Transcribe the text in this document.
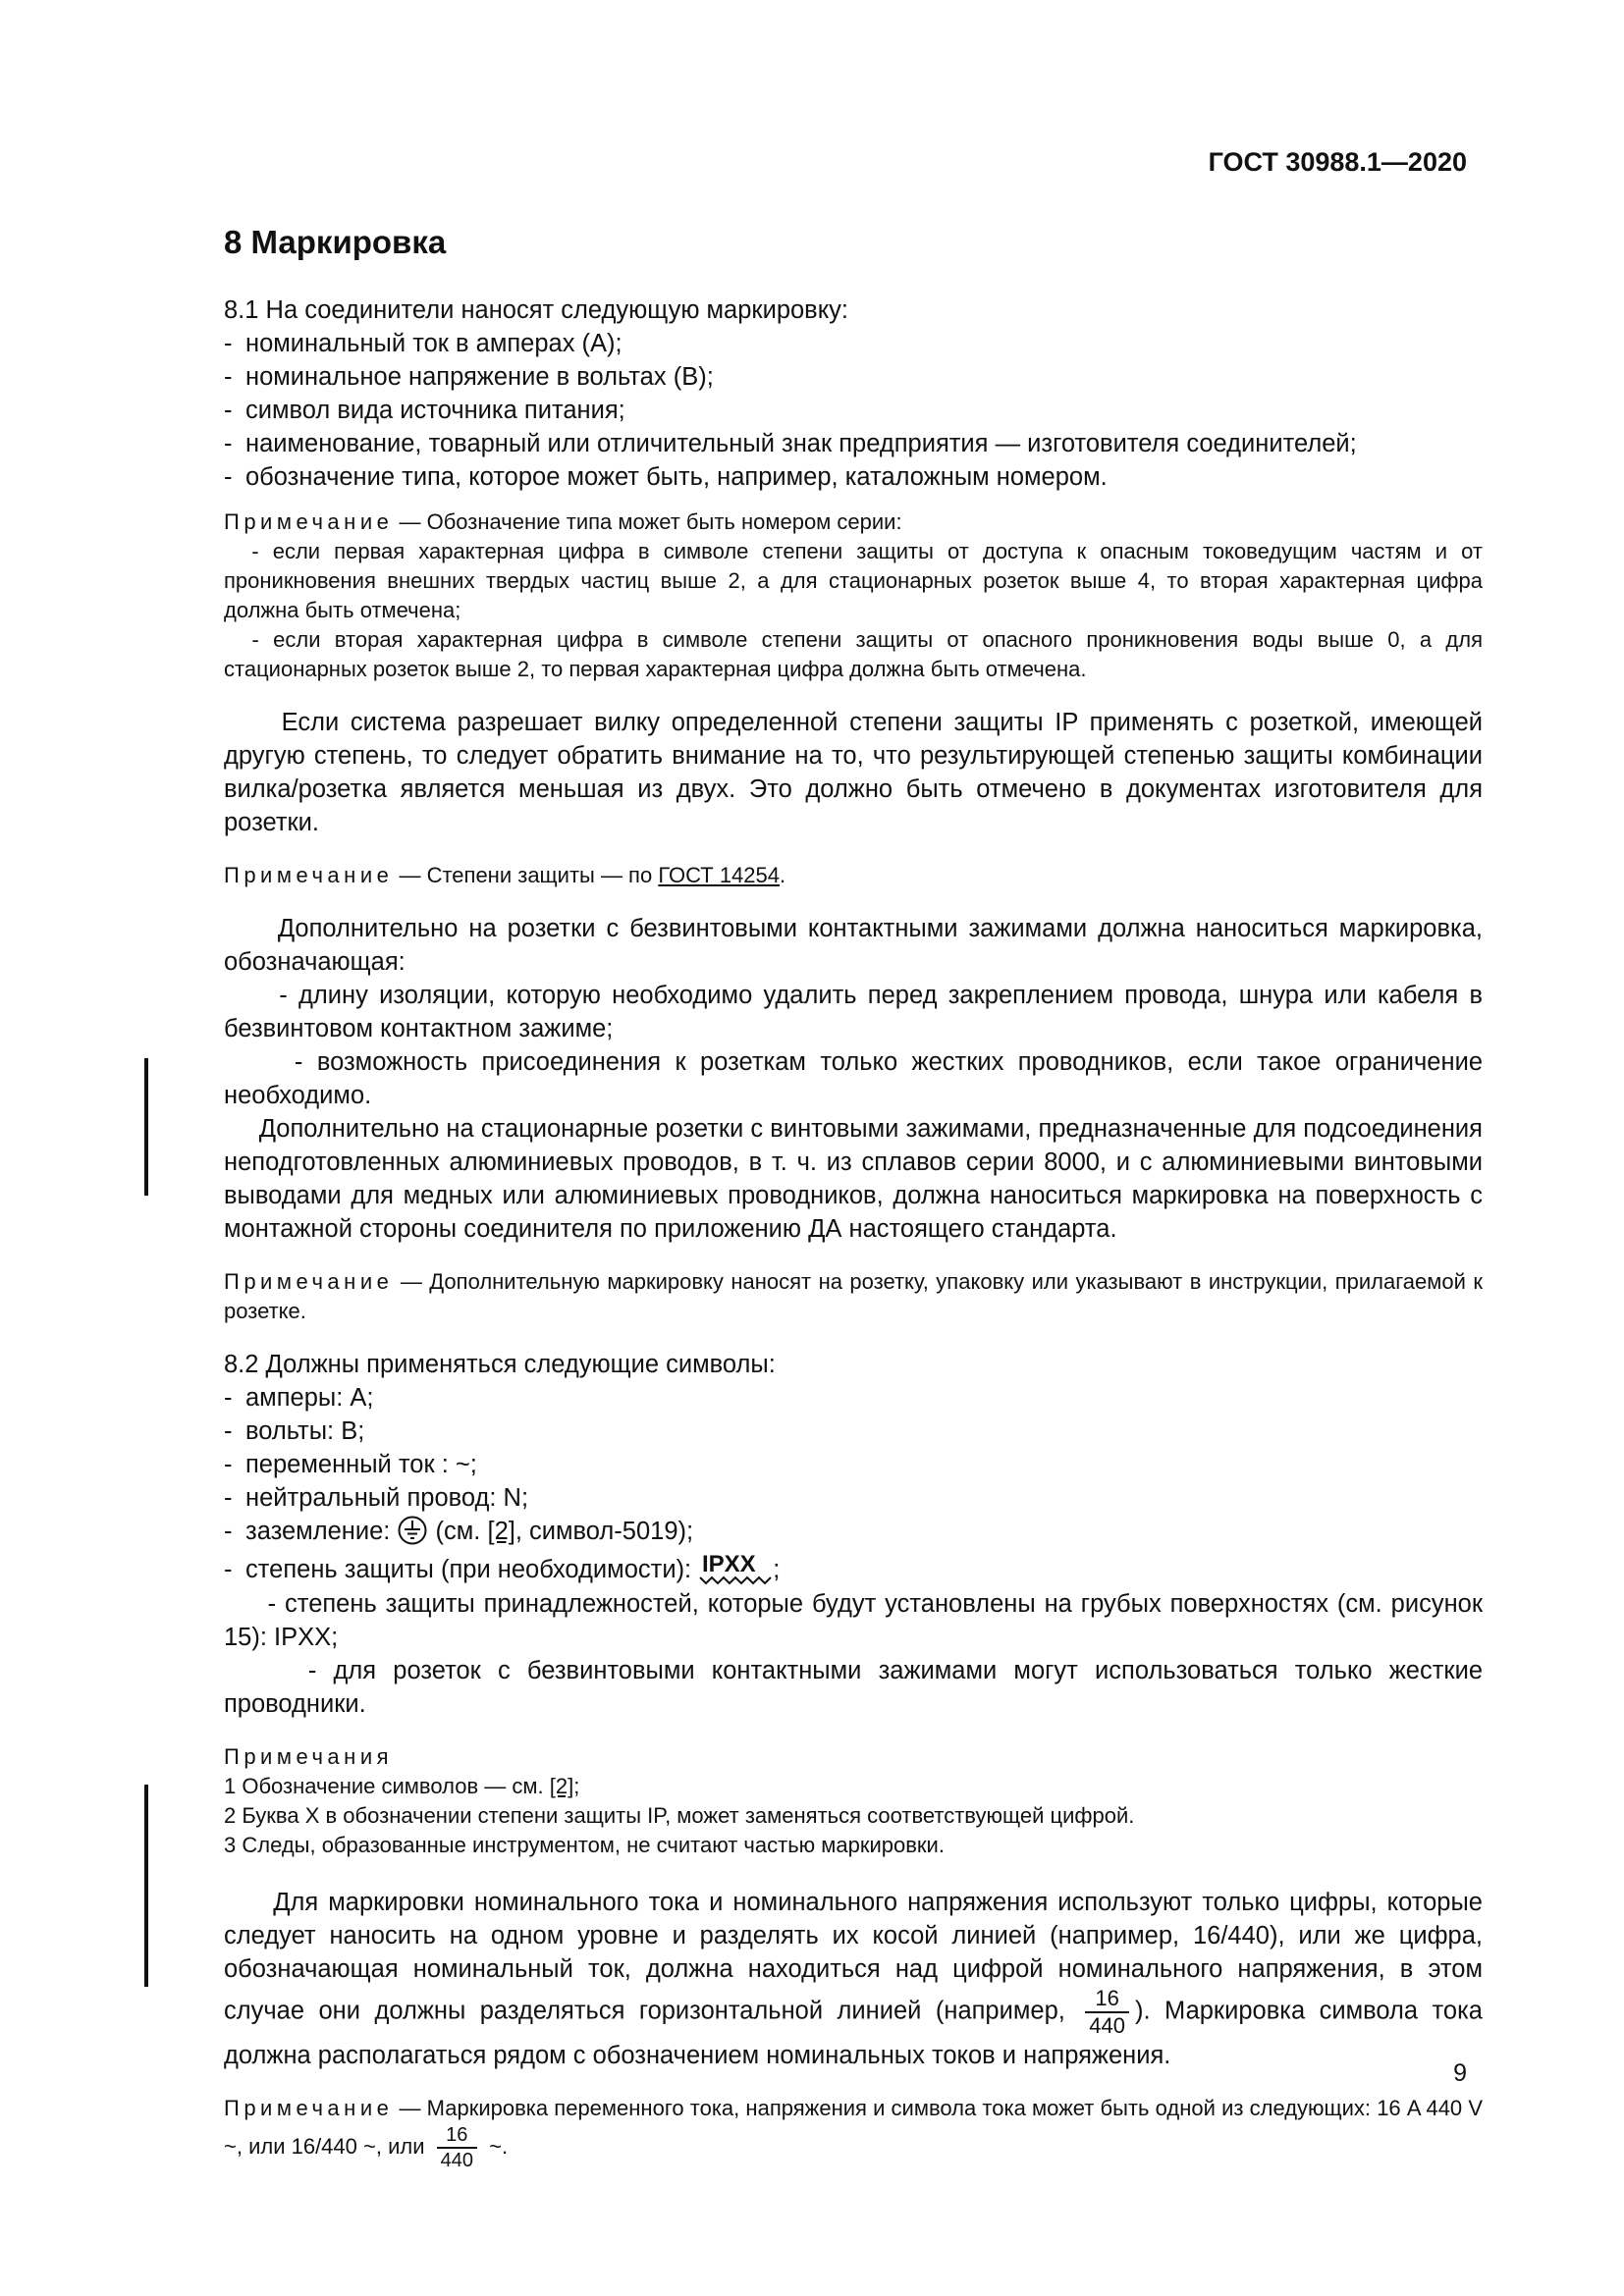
ГОСТ 30988.1—2020
8 Маркировка

8.1 На соединители наносят следующую маркировку:

- номинальный ток в амперах (А);

- номинальное напряжение в вольтах (В);

- символ вида источника питания;

- наименование, товарный или отличительный знак предприятия — изготовителя соединителей;

- обозначение типа, которое может быть, например, каталожным номером.

Примечание — Обозначение типа может быть номером серии:

- если первая характерная цифра в символе степени защиты от доступа к опасным токоведущим частям и от проникновения внешних твердых частиц выше 2, а для стационарных розеток выше 4, то вторая характерная цифра должна быть отмечена;

- если вторая характерная цифра в символе степени защиты от опасного проникновения воды выше 0, а для стационарных розеток выше 2, то первая характерная цифра должна быть отмечена.

Если система разрешает вилку определенной степени защиты IP применять с розеткой, имеющей другую степень, то следует обратить внимание на то, что результирующей степенью защиты комбинации вилка/розетка является меньшая из двух. Это должно быть отмечено в документах изготовителя для розетки.

Примечание — Степени защиты — по ГОСТ 14254.

Дополнительно на розетки с безвинтовыми контактными зажимами должна наноситься маркировка, обозначающая:

- длину изоляции, которую необходимо удалить перед закреплением провода, шнура или кабеля в безвинтовом контактном зажиме;

- возможность присоединения к розеткам только жестких проводников, если такое ограничение необходимо.

Дополнительно на стационарные розетки с винтовыми зажимами, предназначенные для подсоединения неподготовленных алюминиевых проводов, в т. ч. из сплавов серии 8000, и с алюминиевыми винтовыми выводами для медных или алюминиевых проводников, должна наноситься маркировка на поверхность с монтажной стороны соединителя по приложению ДА настоящего стандарта.

Примечание — Дополнительную маркировку наносят на розетку, упаковку или указывают в инструкции, прилагаемой к розетке.

8.2 Должны применяться следующие символы:

- амперы: А;

- вольты: В;

- переменный ток : ~;

- нейтральный провод: N;

- заземление:  (см. [2], символ-5019);

- степень защиты (при необходимости): IPXX ;

- степень защиты принадлежностей, которые будут установлены на грубых поверхностях (см. рисунок 15): IPXX;

- для розеток с безвинтовыми контактными зажимами могут использоваться только жесткие проводники.

Примечания

1 Обозначение символов — см. [2];

2 Буква X в обозначении степени защиты IP, может заменяться соответствующей цифрой.

3 Следы, образованные инструментом, не считают частью маркировки.

Для маркировки номинального тока и номинального напряжения используют только цифры, которые следует наносить на одном уровне и разделять их косой линией (например, 16/440), или же цифра, обозначающая номинальный ток, должна находиться над цифрой номинального напряжения, в этом случае они должны разделяться горизонтальной линией (например, $\frac{16}{440}$ ). Маркировка символа тока должна располагаться рядом с обозначением номинальных токов и напряжения.

Примечание — Маркировка переменного тока, напряжения и символа тока может быть одной из следующих: 16 A 440 V ~, или 16/440 ~, или $\frac{16}{440}$ ~.

9
